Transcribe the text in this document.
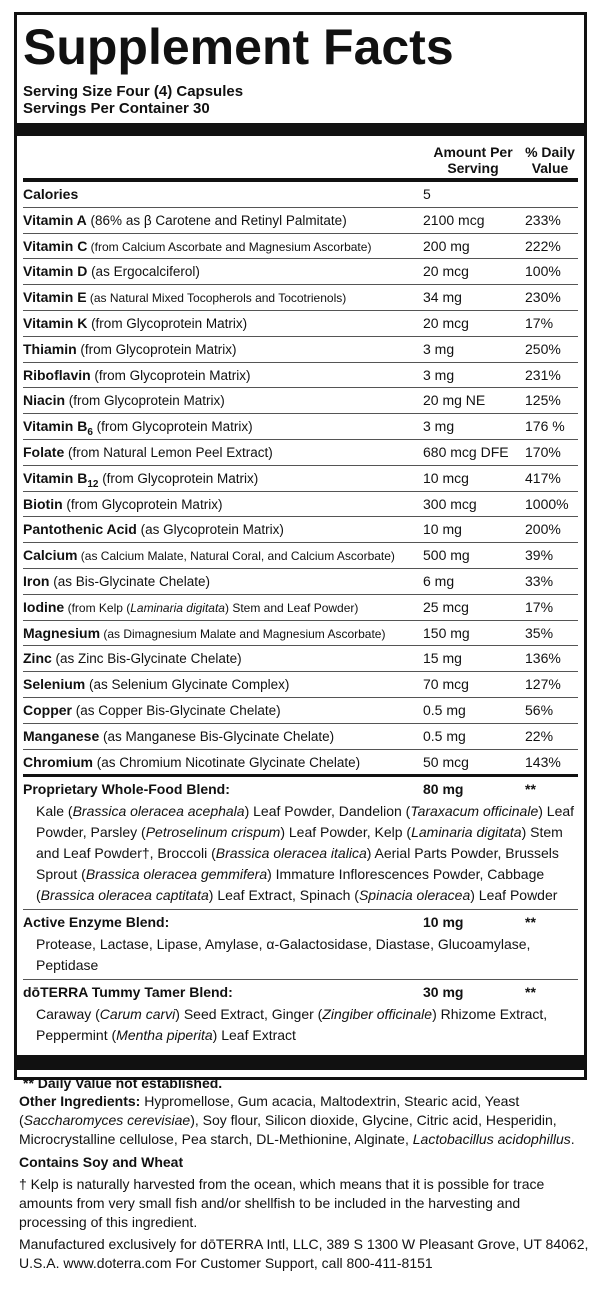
Supplement Facts
Serving Size Four (4) Capsules
Servings Per Container 30
Amount Per
Serving
% Daily
Value
Calories	5
Vitamin A (86% as β Carotene and Retinyl Palmitate)	2100 mcg	233%
Vitamin C (from Calcium Ascorbate and Magnesium Ascorbate)	200 mg	222%
Vitamin D (as Ergocalciferol)	20 mcg	100%
Vitamin E (as Natural Mixed Tocopherols and Tocotrienols)	34 mg	230%
Vitamin K (from Glycoprotein Matrix)	20 mcg	17%
Thiamin (from Glycoprotein Matrix)	3 mg	250%
Riboflavin (from Glycoprotein Matrix)	3 mg	231%
Niacin (from Glycoprotein Matrix)	20 mg NE	125%
Vitamin $B_6$ (from Glycoprotein Matrix)	3 mg	176 %
Folate (from Natural Lemon Peel Extract)	680 mcg DFE 170%
Vitamin $B_{12}$ (from Glycoprotein Matrix)	10 mcg	417%
Biotin (from Glycoprotein Matrix)	300 mcg	1000%
Pantothenic Acid (as Glycoprotein Matrix)	10 mg	200%
Calcium (as Calcium Malate, Natural Coral, and Calcium Ascorbate)	500 mg	39%
Iron (as Bis-Glycinate Chelate)	6 mg	33%
Iodine (from Kelp (Laminaria digitata) Stem and Leaf Powder)	25 mcg	17%
Magnesium (as Dimagnesium Malate and Magnesium Ascorbate)	150 mg	35%
Zinc (as Zinc Bis-Glycinate Chelate)	15 mg	136%
Selenium (as Selenium Glycinate Complex)	70 mcg	127%
Copper (as Copper Bis-Glycinate Chelate)	0.5 mg	56%
Manganese (as Manganese Bis-Glycinate Chelate)	0.5 mg	22%
Chromium (as Chromium Nicotinate Glycinate Chelate)	50 mcg	143%
Proprietary Whole-Food Blend:	80 mg	**
Kale (Brassica oleracea acephala) Leaf Powder, Dandelion (Taraxacum officinale) Leaf Powder, Parsley (Petroselinum crispum) Leaf Powder, Kelp (Laminaria digitata) Stem and Leaf Powder†, Broccoli (Brassica oleracea italica) Aerial Parts Powder, Brussels Sprout (Brassica oleracea gemmifera) Immature Inflorescences Powder, Cabbage (Brassica oleracea captitata) Leaf Extract, Spinach (Spinacia oleracea) Leaf Powder
Active Enzyme Blend:	10 mg	**
Protease, Lactase, Lipase, Amylase, α-Galactosidase, Diastase, Glucoamylase, Peptidase
dōTERRA Tummy Tamer Blend:	30 mg	**
Caraway (Carum carvi) Seed Extract, Ginger (Zingiber officinale) Rhizome Extract, Peppermint (Mentha piperita) Leaf Extract
** Daily Value not established.

Other Ingredients: Hypromellose, Gum acacia, Maltodextrin, Stearic acid, Yeast (Saccharomyces cerevisiae), Soy flour, Silicon dioxide, Glycine, Citric acid, Hesperidin, Microcrystalline cellulose, Pea starch, DL-Methionine, Alginate, Lactobacillus acidophillus.

Contains Soy and Wheat

† Kelp is naturally harvested from the ocean, which means that it is possible for trace amounts from very small fish and/or shellfish to be included in the harvesting and processing of this ingredient.

Manufactured exclusively for dōTERRA Intl, LLC, 389 S 1300 W Pleasant Grove, UT 84062, U.S.A. www.doterra.com For Customer Support, call 800-411-8151
